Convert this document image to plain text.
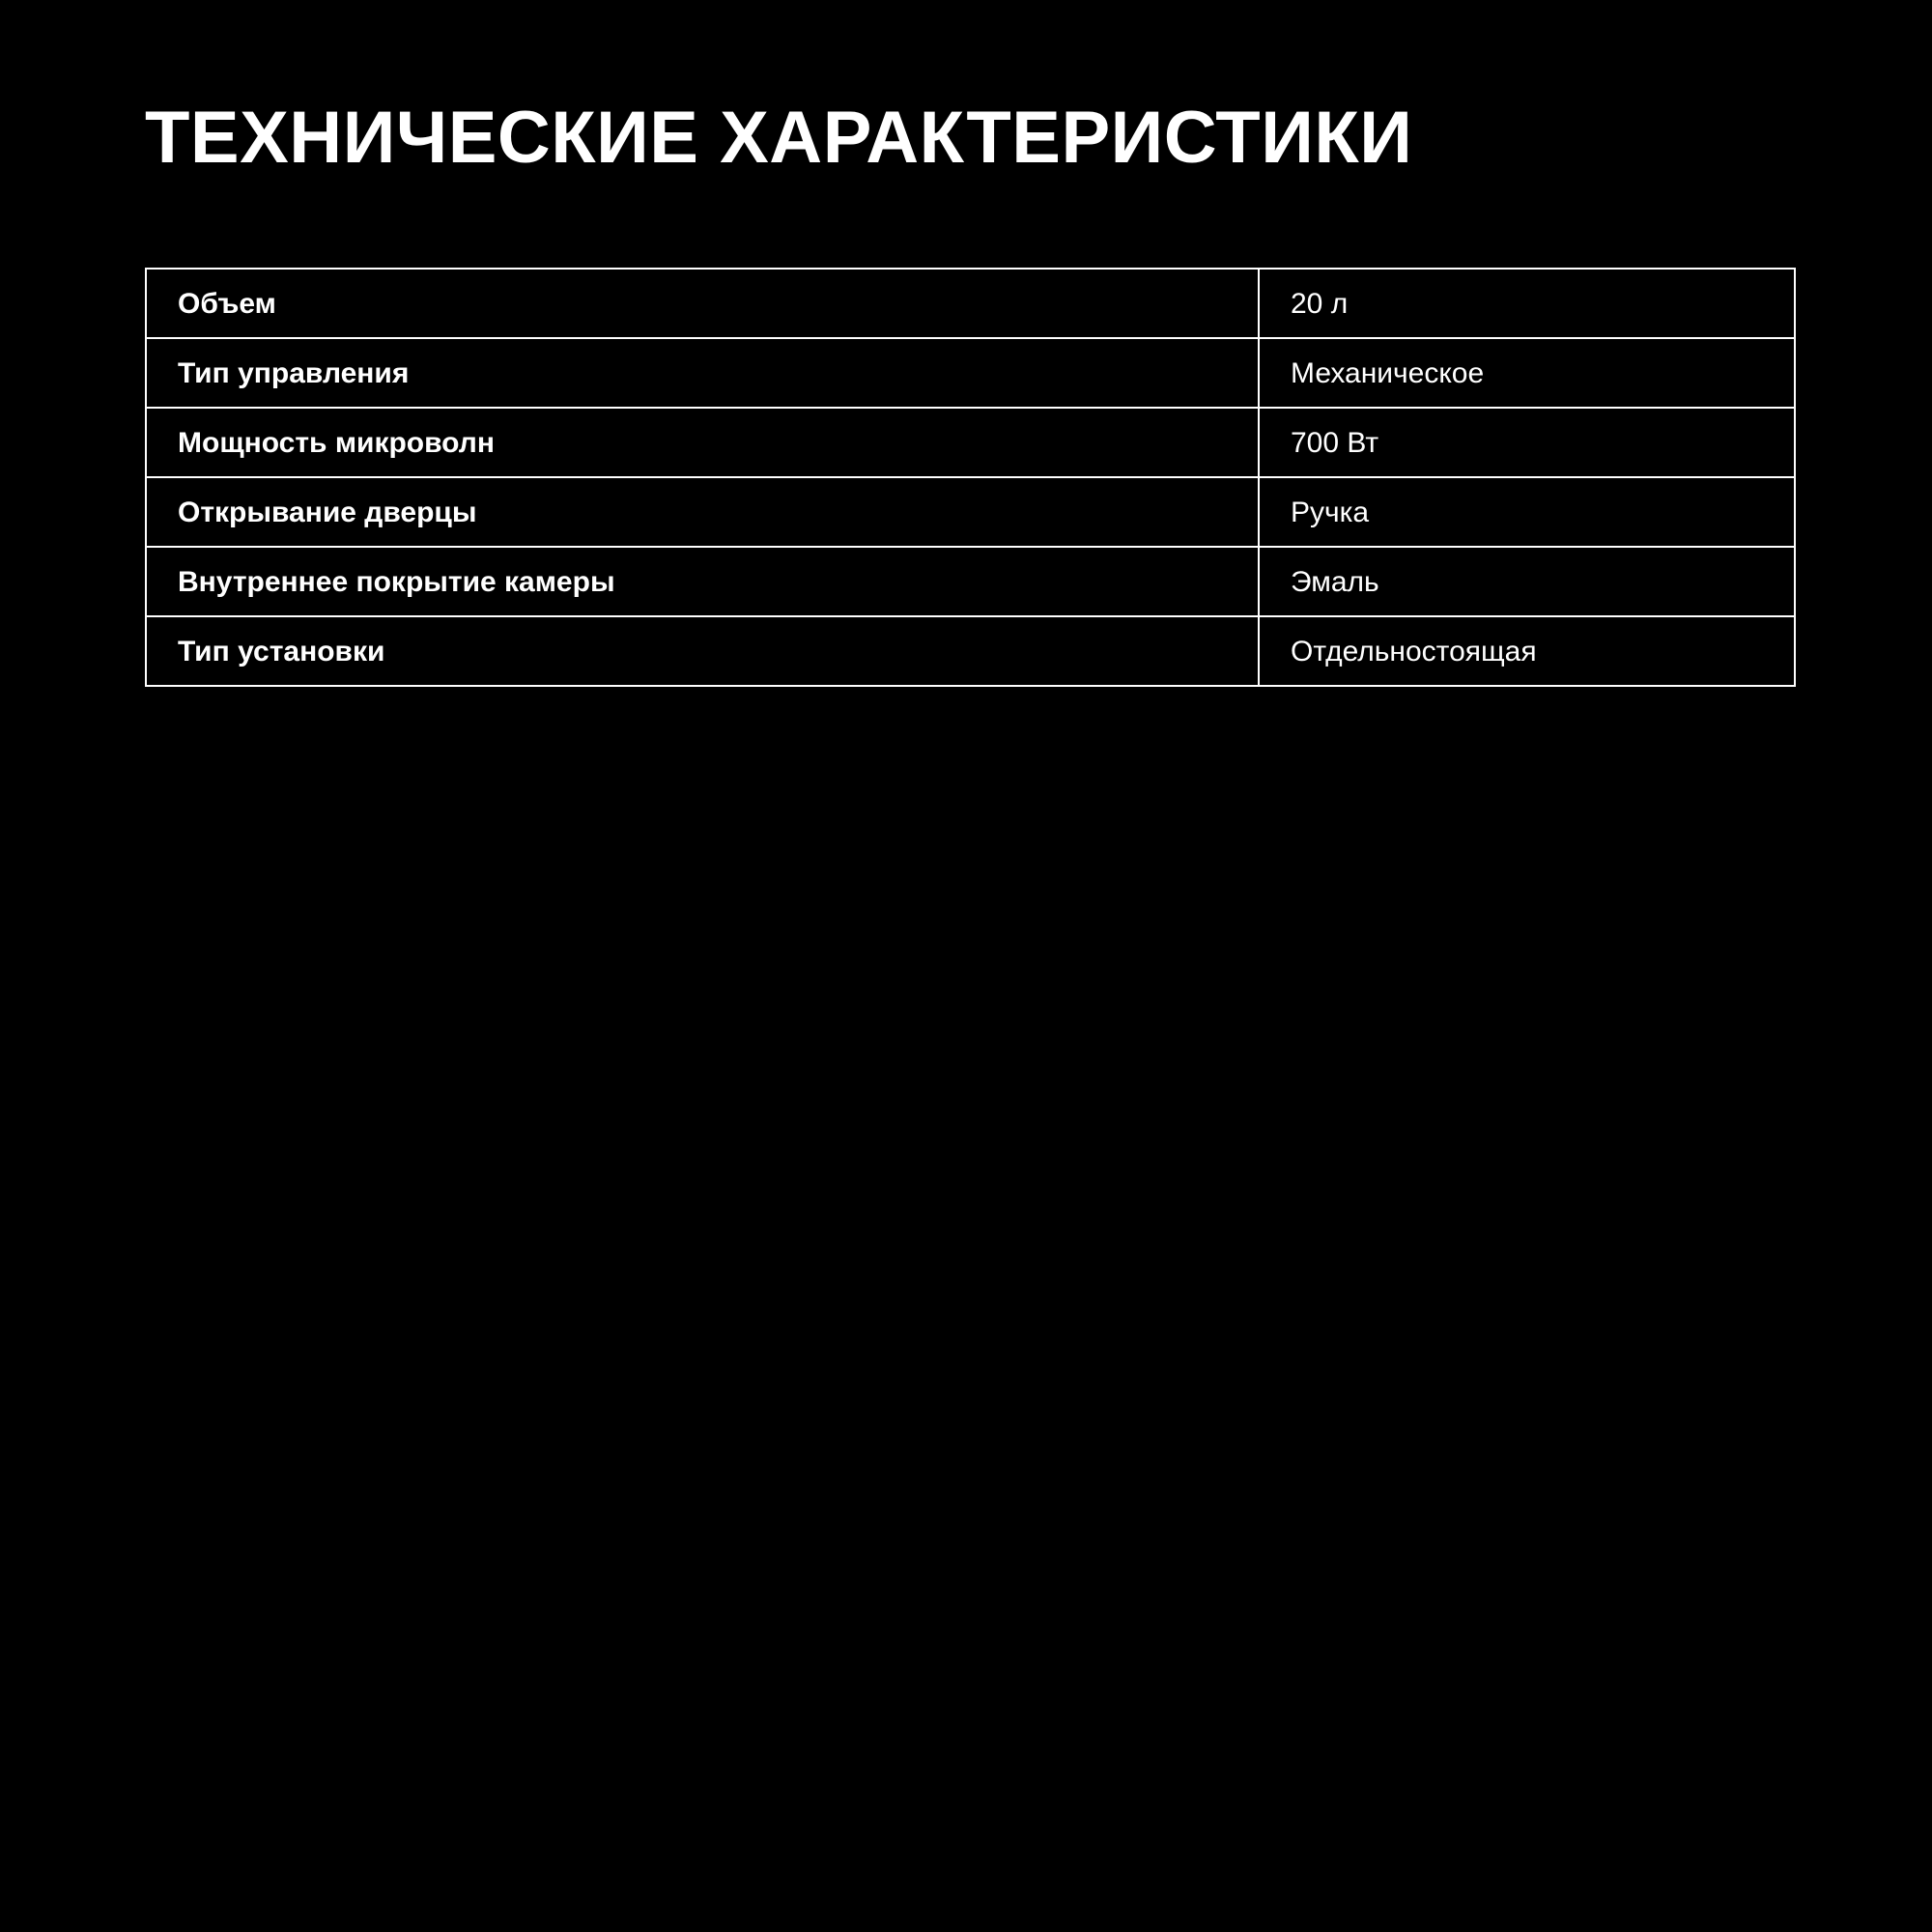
ТЕХНИЧЕСКИЕ ХАРАКТЕРИСТИКИ
Объем	20 л
Тип управления	Механическое
Мощность микроволн	700 Вт
Открывание дверцы	Ручка
Внутреннее покрытие камеры	Эмаль
Тип установки	Отдельностоящая
